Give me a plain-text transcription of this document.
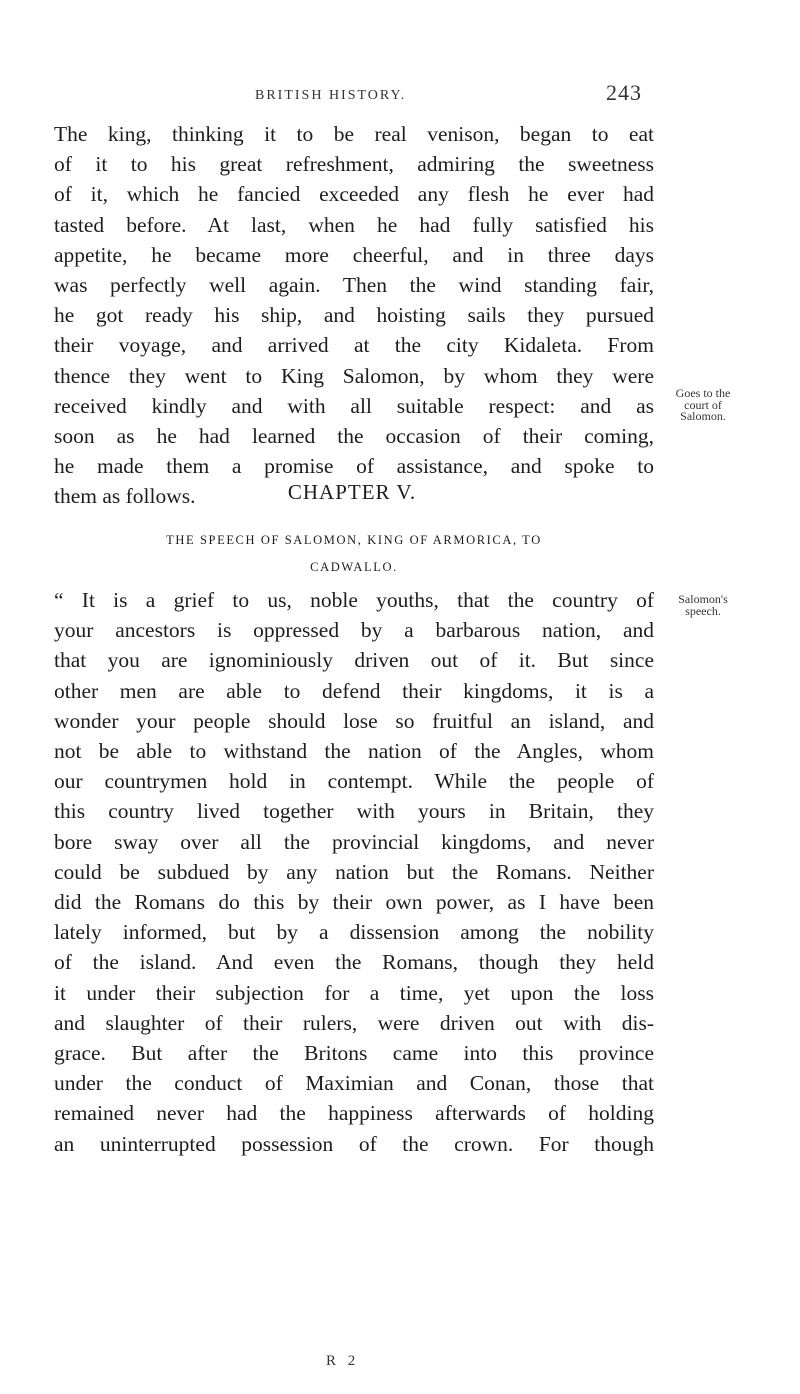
BRITISH HISTORY.	243
The king, thinking it to be real venison, began to eat
of it to his great refreshment, admiring the sweetness
of it, which he fancied exceeded any flesh he ever had
tasted before. At last, when he had fully satisfied his
appetite, he became more cheerful, and in three days
was perfectly well again. Then the wind standing fair,
he got ready his ship, and hoisting sails they pursued
their voyage, and arrived at the city Kidaleta. From
thence they went to King Salomon, by whom they were
received kindly and with all suitable respect: and as
soon as he had learned the occasion of their coming,
he made them a promise of assistance, and spoke to
them as follows.
Goes to the
court of
Salomon.
CHAPTER V.
THE SPEECH OF SALOMON, KING OF ARMORICA, TO
CADWALLO.
Salomon's
speech.
“ It is a grief to us, noble youths, that the country of
your ancestors is oppressed by a barbarous nation, and
that you are ignominiously driven out of it. But since
other men are able to defend their kingdoms, it is a
wonder your people should lose so fruitful an island, and
not be able to withstand the nation of the Angles, whom
our countrymen hold in contempt. While the people of
this country lived together with yours in Britain, they
bore sway over all the provincial kingdoms, and never
could be subdued by any nation but the Romans. Neither
did the Romans do this by their own power, as I have been
lately informed, but by a dissension among the nobility
of the island. And even the Romans, though they held
it under their subjection for a time, yet upon the loss
and slaughter of their rulers, were driven out with dis-
grace. But after the Britons came into this province
under the conduct of Maximian and Conan, those that
remained never had the happiness afterwards of holding
an uninterrupted possession of the crown. For though
R 2
